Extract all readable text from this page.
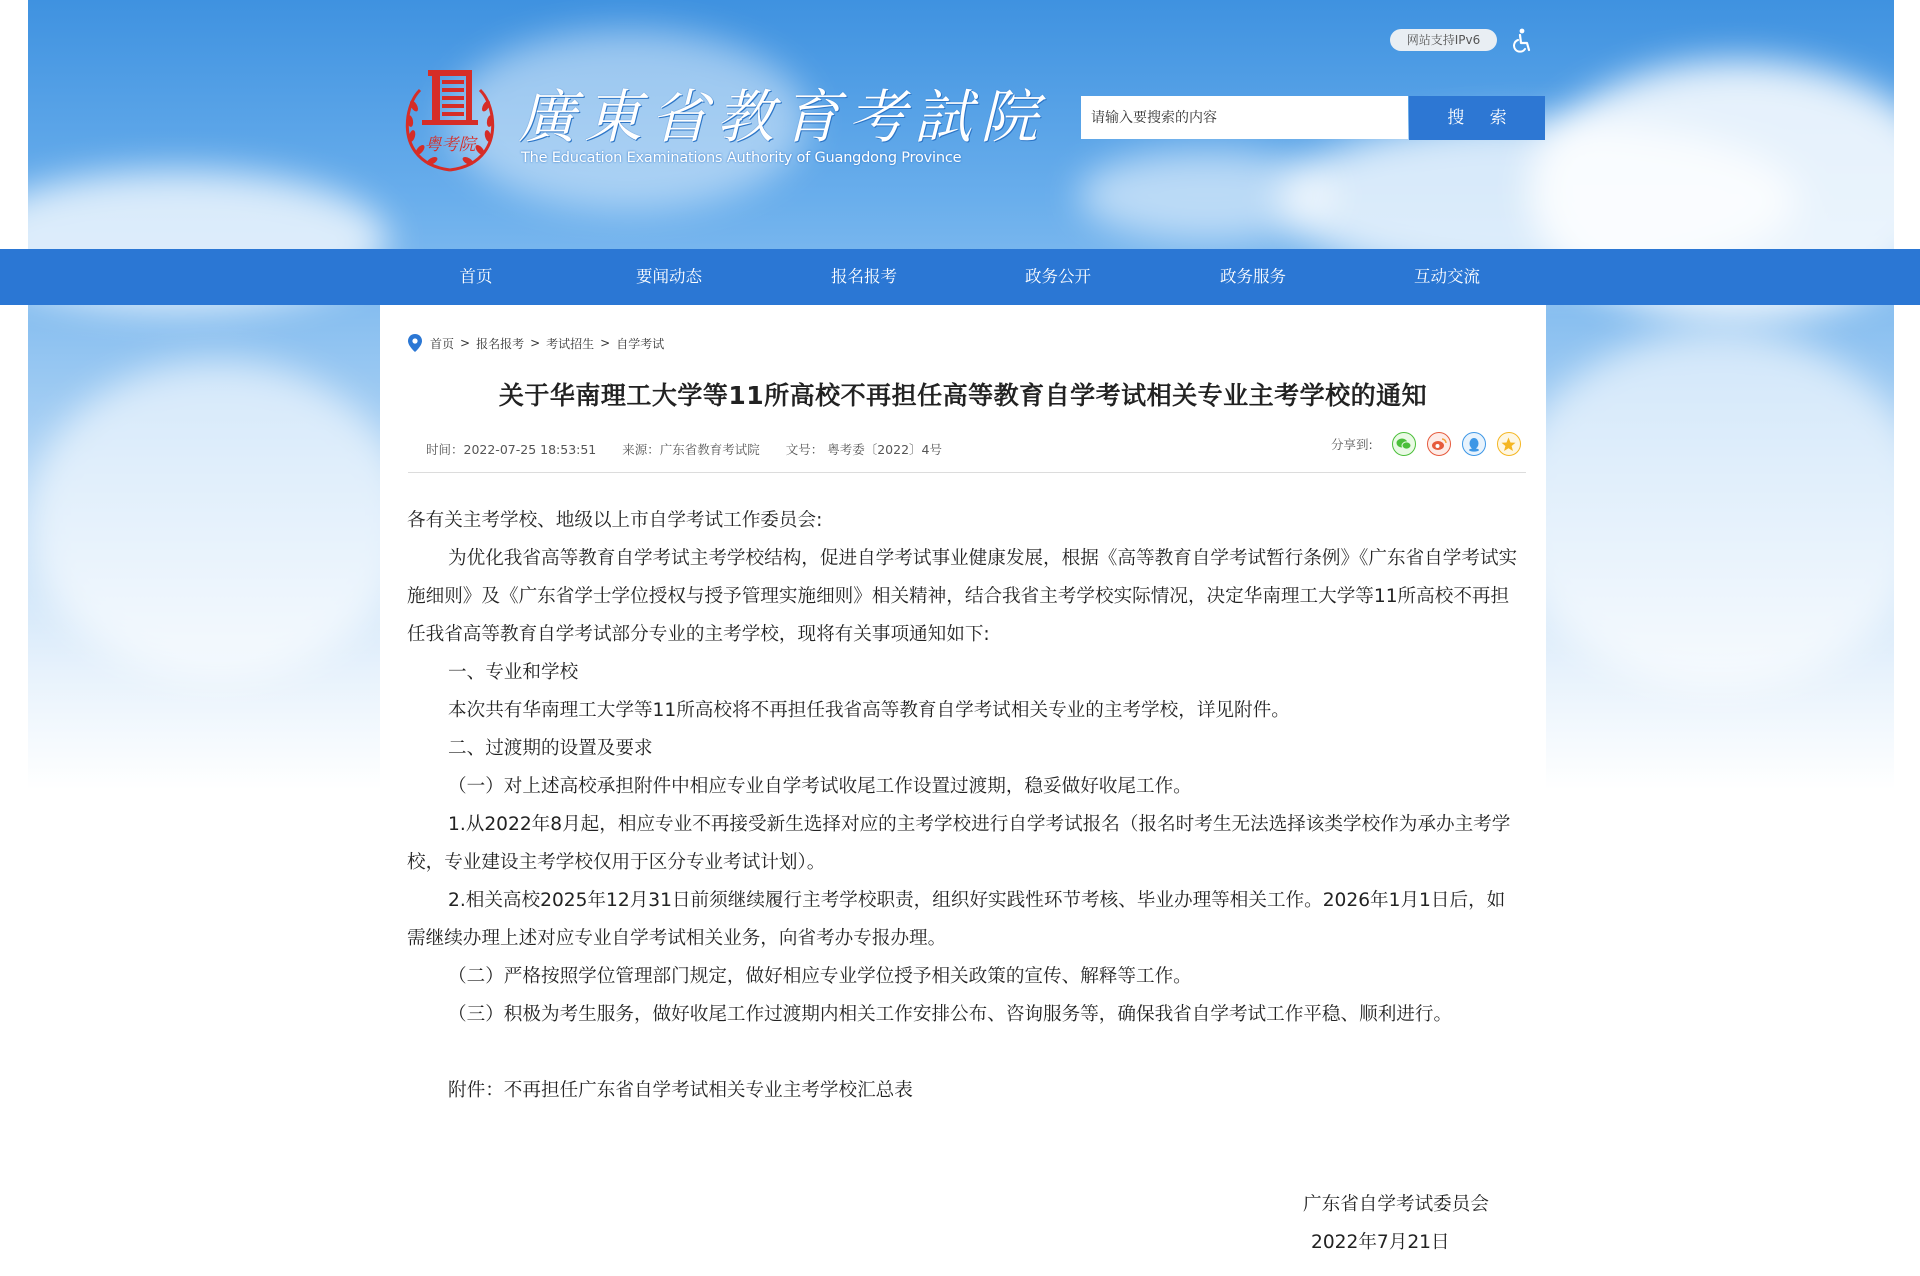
网站支持IPv6
粤考院 廣東省教育考試院
The Education Examinations Authority of Guangdong Province
请输入要搜索的内容
搜 索
首页	要闻动态	报名报考	政务公开	政务服务	互动交流
首页 > 报名报考 > 考试招生 > 自学考试
关于华南理工大学等11所高校不再担任高等教育自学考试相关专业主考学校的通知
时间：2022-07-25 18:53:51 来源：广东省教育考试院 文号： 粤考委〔2022〕4号	分享到:

各有关主考学校、地级以上市自学考试工作委员会:

为优化我省高等教育自学考试主考学校结构，促进自学考试事业健康发展，根据《高等教育自学考试暂行条例》《广东省自学考试实施细则》及《广东省学士学位授权与授予管理实施细则》相关精神，结合我省主考学校实际情况，决定华南理工大学等11所高校不再担任我省高等教育自学考试部分专业的主考学校，现将有关事项通知如下:

一、专业和学校

本次共有华南理工大学等11所高校将不再担任我省高等教育自学考试相关专业的主考学校，详见附件。

二、过渡期的设置及要求

（一）对上述高校承担附件中相应专业自学考试收尾工作设置过渡期，稳妥做好收尾工作。

1.从2022年8月起，相应专业不再接受新生选择对应的主考学校进行自学考试报名（报名时考生无法选择该类学校作为承办主考学校，专业建设主考学校仅用于区分专业考试计划）。

2.相关高校2025年12月31日前须继续履行主考学校职责，组织好实践性环节考核、毕业办理等相关工作。2026年1月1日后，如需继续办理上述对应专业自学考试相关业务，向省考办专报办理。

（二）严格按照学位管理部门规定，做好相应专业学位授予相关政策的宣传、解释等工作。

（三）积极为考生服务，做好收尾工作过渡期内相关工作安排公布、咨询服务等，确保我省自学考试工作平稳、顺利进行。

附件：不再担任广东省自学考试相关专业主考学校汇总表

广东省自学考试委员会
2022年7月21日
